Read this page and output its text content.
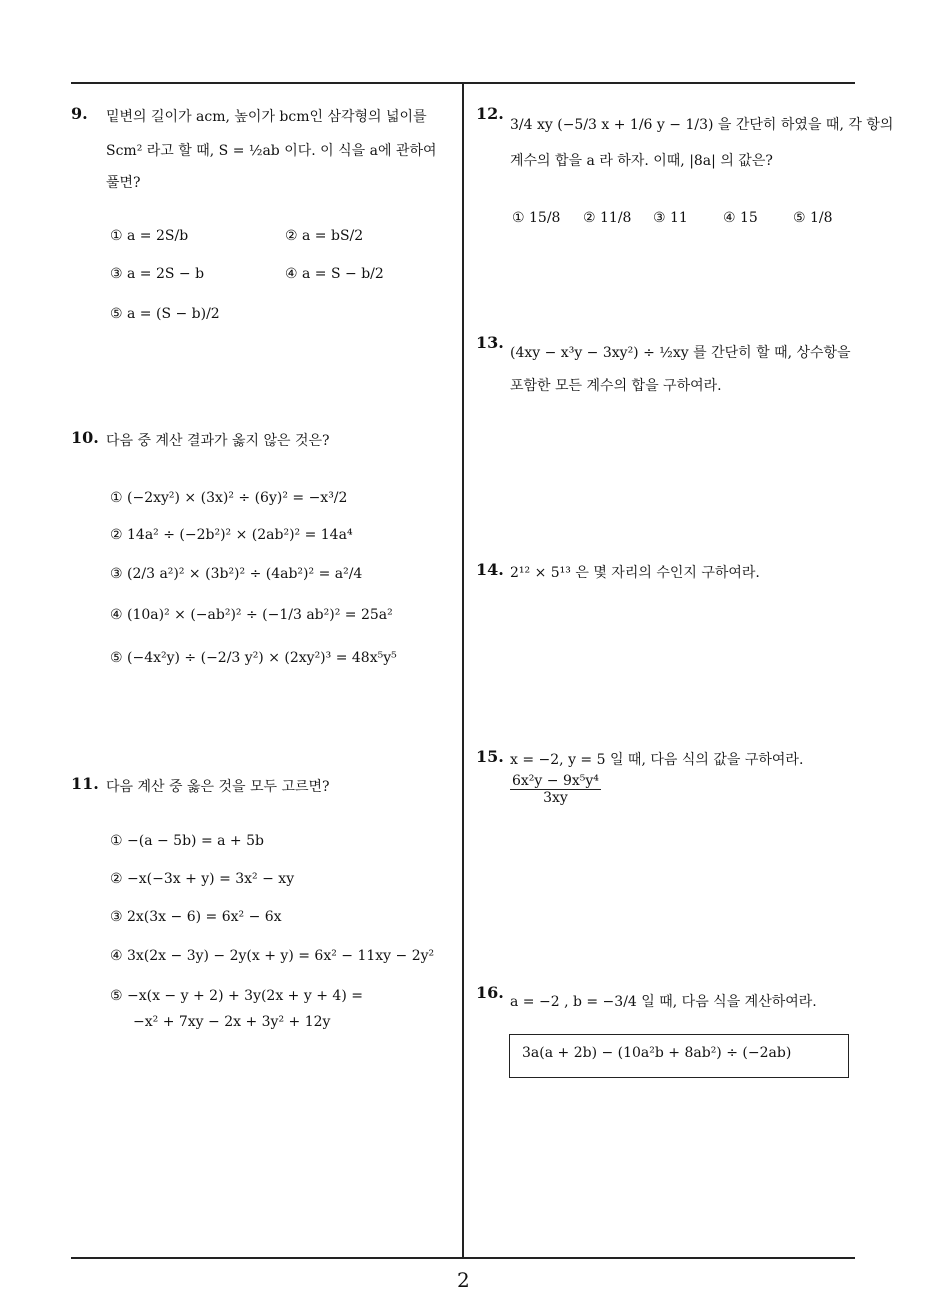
9. 밑변의 길이가 acm, 높이가 bcm인 삼각형의 넓이를
Scm² 라고 할 때, S = ½ab 이다. 이 식을 a에 관하여
풀면?
① a = 2S/b	② a = bS/2
③ a = 2S − b	④ a = S − b/2
⑤ a = (S − b)/2
10. 다음 중 계산 결과가 옳지 않은 것은?
① (−2xy²) × (3x)² ÷ (6y)² = −x³/2
② 14a² ÷ (−2b²)² × (2ab²)² = 14a⁴
③ (2/3 a²)² × (3b²)² ÷ (4ab²)² = a²/4
④ (10a)² × (−ab²)² ÷ (−1/3 ab²)² = 25a²
⑤ (−4x²y) ÷ (−2/3 y²) × (2xy²)³ = 48x⁵y⁵
11. 다음 계산 중 옳은 것을 모두 고르면?
① −(a − 5b) = a + 5b
② −x(−3x + y) = 3x² − xy
③ 2x(3x − 6) = 6x² − 6x
④ 3x(2x − 3y) − 2y(x + y) = 6x² − 11xy − 2y²
⑤ −x(x − y + 2) + 3y(2x + y + 4) =
−x² + 7xy − 2x + 3y² + 12y
12.
3/4 xy (−5/3 x + 1/6 y − 1/3) 을 간단히 하였을 때, 각 항의
계수의 합을 a 라 하자. 이때, |8a| 의 값은?
① 15/8 ② 11/8 ③ 11	④ 15	⑤ 1/8
13.
(4xy − x³y − 3xy²) ÷ ½xy 를 간단히 할 때, 상수항을
포함한 모든 계수의 합을 구하여라.
14. 2¹² × 5¹³ 은 몇 자리의 수인지 구하여라.
15. x = −2, y = 5 일 때, 다음 식의 값을 구하여라.
$\frac{\text{6x²y − 9x⁵y⁴}}{3xy}$
16. a = −2 , b = −3/4 일 때, 다음 식을 계산하여라.
3a(a + 2b) − (10a²b + 8ab²) ÷ (−2ab)
2
